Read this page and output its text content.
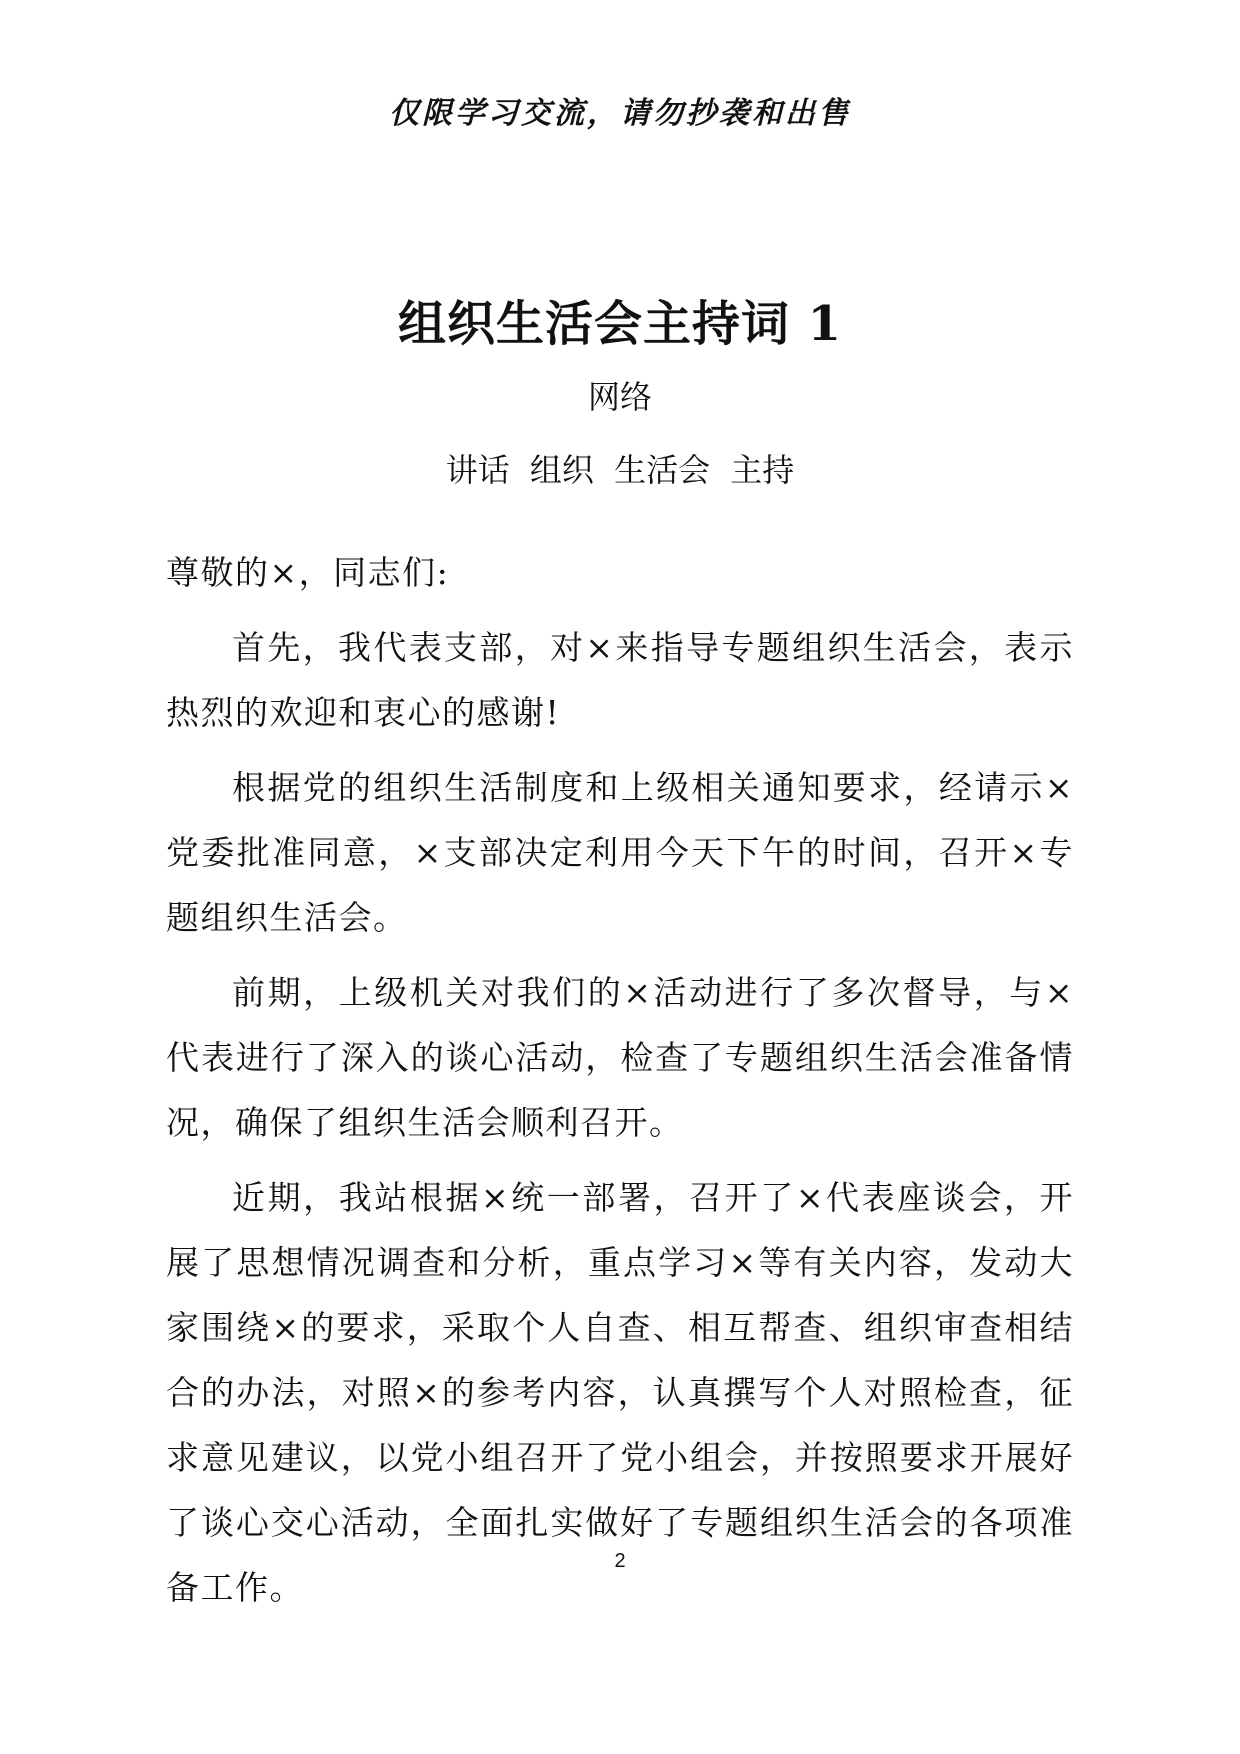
仅限学习交流，请勿抄袭和出售
组织生活会主持词 1
网络
讲话 组织 生活会 主持

尊敬的×，同志们:

首先，我代表支部，对×来指导专题组织生活会，表示热烈的欢迎和衷心的感谢!

根据党的组织生活制度和上级相关通知要求，经请示×党委批准同意，×支部决定利用今天下午的时间，召开×专题组织生活会。

前期，上级机关对我们的×活动进行了多次督导，与×代表进行了深入的谈心活动，检查了专题组织生活会准备情况，确保了组织生活会顺利召开。

近期，我站根据×统一部署，召开了×代表座谈会，开展了思想情况调查和分析，重点学习×等有关内容，发动大家围绕×的要求，采取个人自查、相互帮查、组织审查相结合的办法，对照×的参考内容，认真撰写个人对照检查，征求意见建议，以党小组召开了党小组会，并按照要求开展好了谈心交心活动，全面扎实做好了专题组织生活会的各项准备工作。

2
